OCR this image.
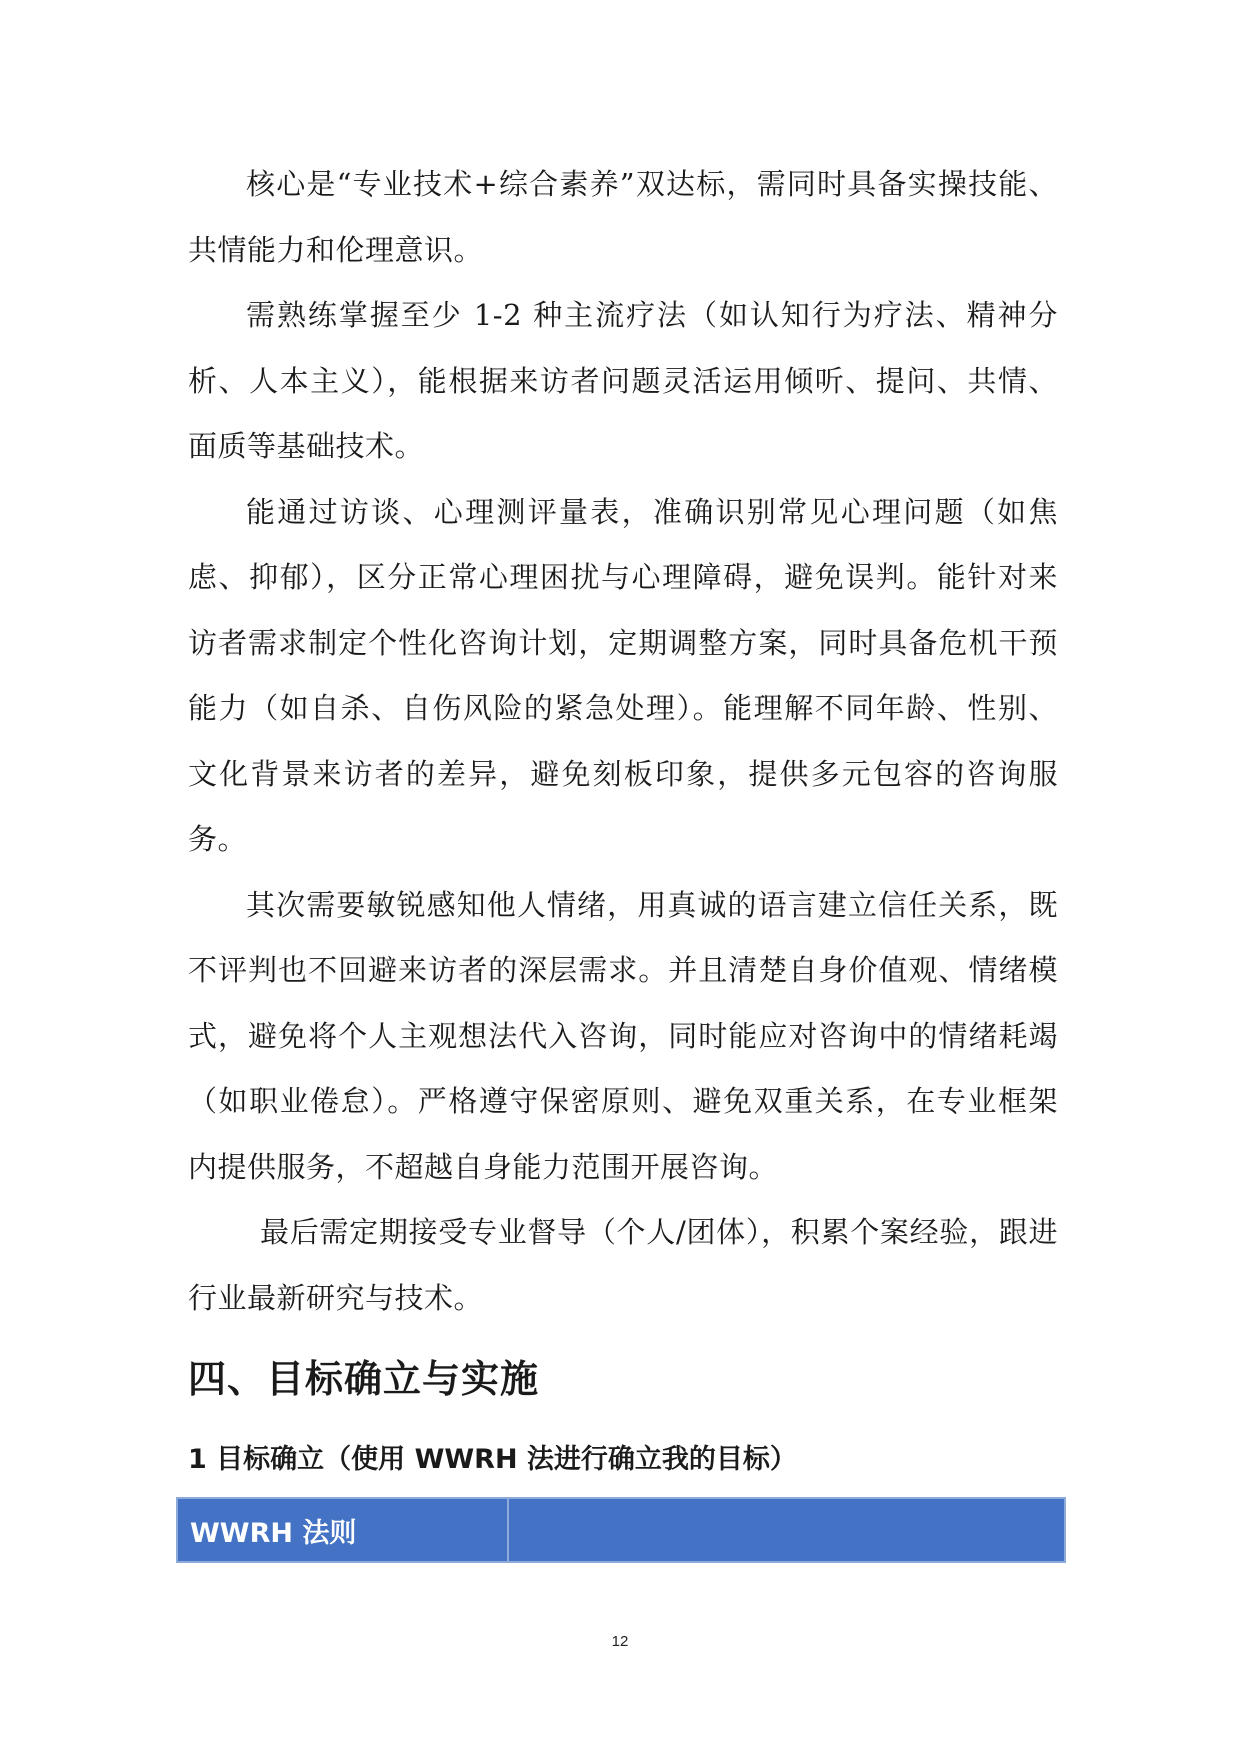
核心是“专业技术+综合素养”双达标，需同时具备实操技能、共情能力和伦理意识。

需熟练掌握至少 1-2 种主流疗法（如认知行为疗法、精神分析、人本主义），能根据来访者问题灵活运用倾听、提问、共情、面质等基础技术。

能通过访谈、心理测评量表，准确识别常见心理问题（如焦虑、抑郁），区分正常心理困扰与心理障碍，避免误判。能针对来访者需求制定个性化咨询计划，定期调整方案，同时具备危机干预能力（如自杀、自伤风险的紧急处理）。能理解不同年龄、性别、文化背景来访者的差异，避免刻板印象，提供多元包容的咨询服务。

其次需要敏锐感知他人情绪，用真诚的语言建立信任关系，既不评判也不回避来访者的深层需求。并且清楚自身价值观、情绪模式，避免将个人主观想法代入咨询，同时能应对咨询中的情绪耗竭（如职业倦怠）。严格遵守保密原则、避免双重关系，在专业框架内提供服务，不超越自身能力范围开展咨询。

最后需定期接受专业督导（个人/团体），积累个案经验，跟进行业最新研究与技术。

四、目标确立与实施
1 目标确立（使用 WWRH 法进行确立我的目标）
WWRH 法则	
12
